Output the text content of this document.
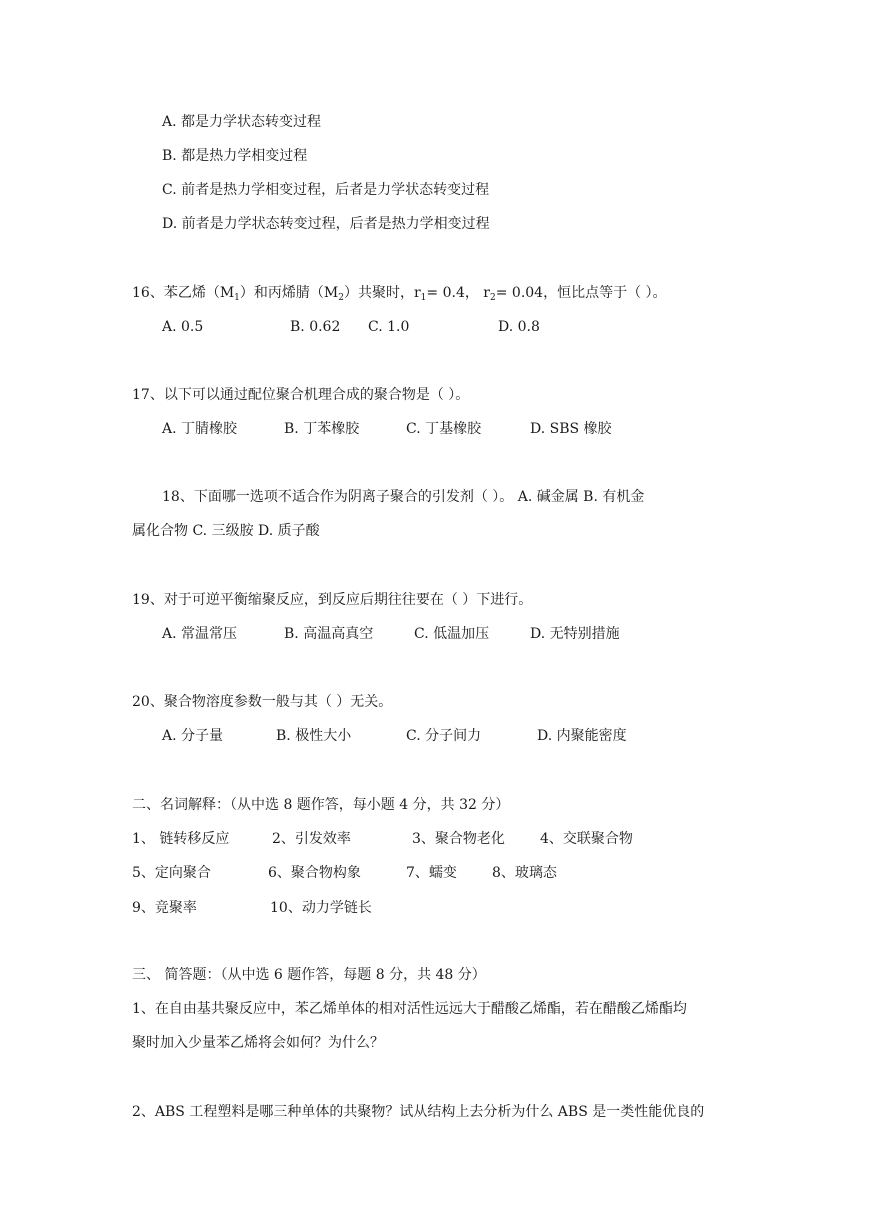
A. 都是力学状态转变过程
B. 都是热力学相变过程
C. 前者是热力学相变过程，后者是力学状态转变过程
D. 前者是力学状态转变过程，后者是热力学相变过程
16、苯乙烯$(M_1)$和丙烯腈$(M_2)$共聚时，$r_1= 0.4$， $r_2= 0.04$，恒比点等于（ ）。
A. 0.5	B. 0.62 C. 1.0	D. 0.8
17、以下可以通过配位聚合机理合成的聚合物是（ ）。
A. 丁腈橡胶	B. 丁苯橡胶	C. 丁基橡胶	D. SBS 橡胶
18、下面哪一选项不适合作为阴离子聚合的引发剂（ ）。 A. 碱金属 B. 有机金
属化合物 C. 三级胺 D. 质子酸
19、对于可逆平衡缩聚反应，到反应后期往往要在（ ）下进行。
A. 常温常压	B. 高温高真空	C. 低温加压	D. 无特别措施
20、聚合物溶度参数一般与其（ ）无关。
A. 分子量	B. 极性大小	C. 分子间力	D. 内聚能密度
二、名词解释：（从中选 8 题作答，每小题 4 分，共 32 分）
1、 链转移反应	2、引发效率	3、聚合物老化	4、交联聚合物
5、定向聚合	6、聚合物构象	7、蠕变	8、玻璃态
9、竞聚率	10、动力学链长
三、 简答题：（从中选 6 题作答，每题 8 分，共 48 分）
1、在自由基共聚反应中，苯乙烯单体的相对活性远远大于醋酸乙烯酯，若在醋酸乙烯酯均
聚时加入少量苯乙烯将会如何？为什么？
2、ABS 工程塑料是哪三种单体的共聚物？试从结构上去分析为什么 ABS 是一类性能优良的
